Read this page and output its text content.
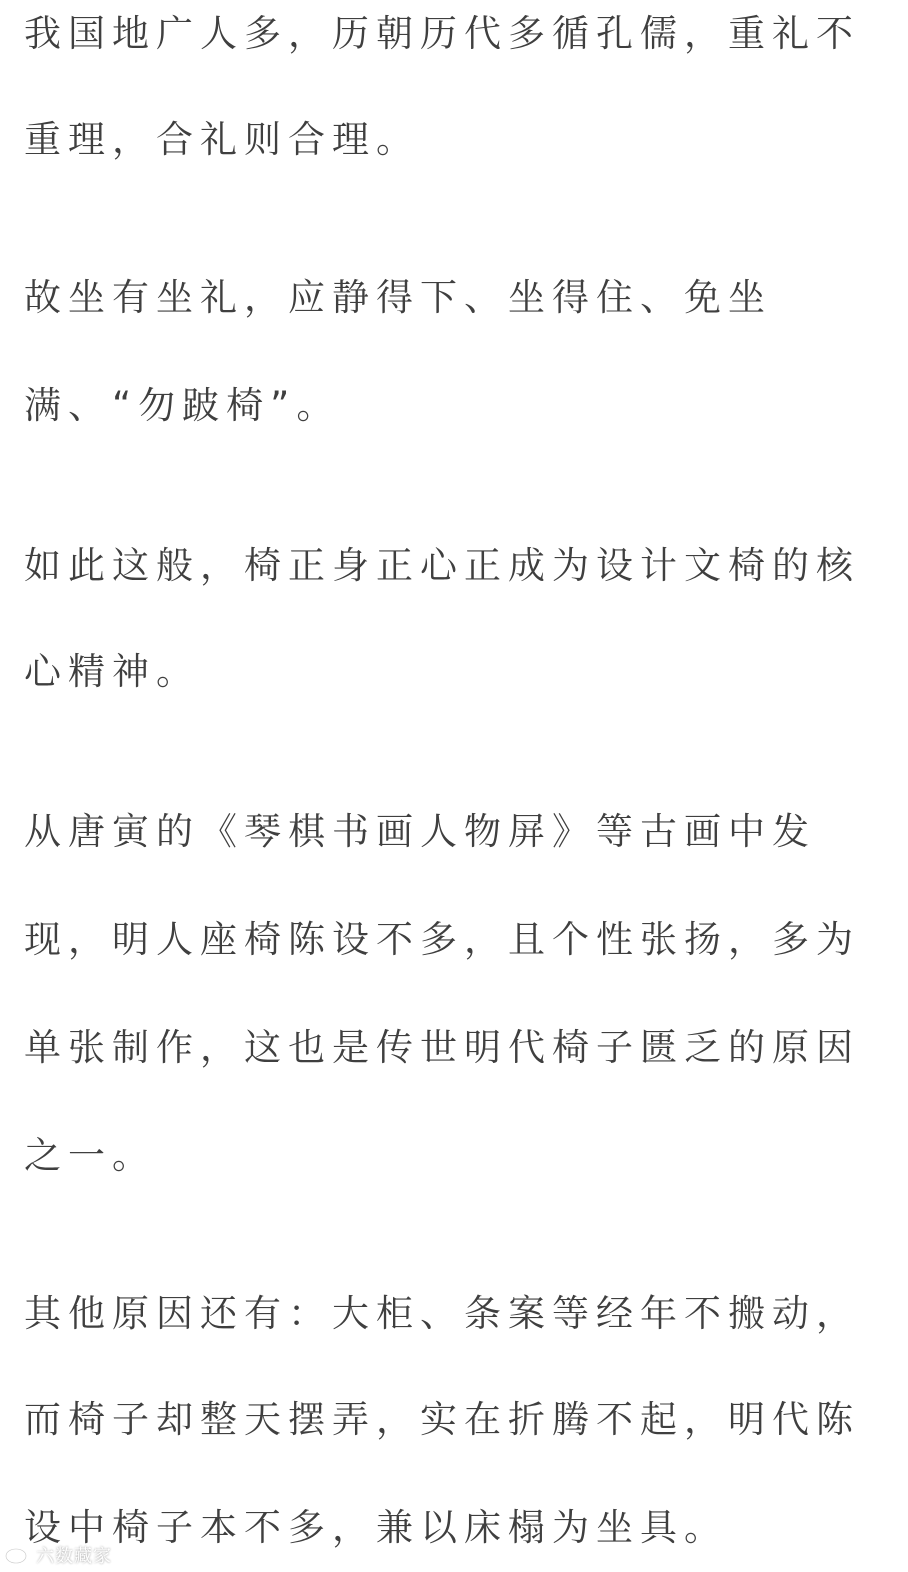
我国地广人多，历朝历代多循孔儒，重礼不
重理，合礼则合理。
故坐有坐礼，应静得下、坐得住、免坐
满、“勿跛椅”。
如此这般，椅正身正心正成为设计文椅的核
心精神。
从唐寅的《琴棋书画人物屏》等古画中发
现，明人座椅陈设不多，且个性张扬，多为
单张制作，这也是传世明代椅子匮乏的原因
之一。
其他原因还有：大柜、条案等经年不搬动，
而椅子却整天摆弄，实在折腾不起，明代陈
设中椅子本不多，兼以床榻为坐具。
六数藏家
